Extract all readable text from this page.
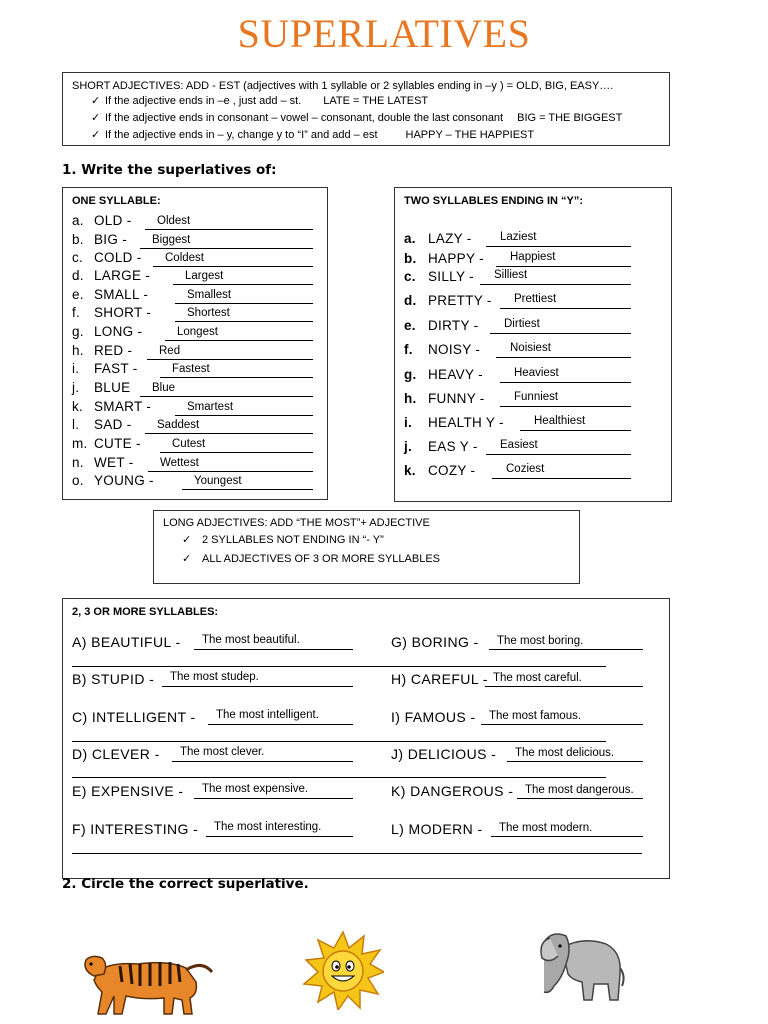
SUPERLATIVES
SHORT ADJECTIVES: ADD - EST (adjectives with 1 syllable or 2 syllables ending in –y ) = OLD, BIG, EASY….
✓ If the adjective ends in –e , just add – st. LATE = THE LATEST
✓ If the adjective ends in consonant – vowel – consonant, double the last consonant BIG = THE BIGGEST
✓ If the adjective ends in – y, change y to “I” and add – est	HAPPY – THE HAPPIEST
1. Write the superlatives of:
ONE SYLLABLE:
a. OLD - Oldest
b. BIG - Biggest
c. COLD - Coldest
d. LARGE -	Largest
e. SMALL -	Smallest
f. SHORT -	Shortest
g. LONG -	Longest
h. RED - Red
i. FAST -	Fastest
j. BLUE Blue
k. SMART -	Smartest
l. SAD - Saddest
m. CUTE -	Cutest
n. WET - Wettest
o. YOUNG -	Youngest
TWO SYLLABLES ENDING IN “Y”:
a. LAZY - Laziest
b. HAPPY - Happiest
c. SILLY - Silliest
d. PRETTY - Prettiest
e. DIRTY - Dirtiest
f. NOISY -	Noisiest
g. HEAVY -	Heaviest
h. FUNNY -	Funniest
i. HEALTH Y -	Healthiest
j. EAS Y - Easiest
k. COZY -	Coziest
LONG ADJECTIVES: ADD “THE MOST”+ ADJECTIVE
✓ 2 SYLLABLES NOT ENDING IN “- Y”
✓ ALL ADJECTIVES OF 3 OR MORE SYLLABLES
2, 3 OR MORE SYLLABLES:
A) BEAUTIFUL - The most beautiful.
B) STUPID - The most studep.
C) INTELLIGENT - The most intelligent.
D) CLEVER - The most clever.
E) EXPENSIVE - The most expensive.
F) INTERESTING - The most interesting.
G) BORING - The most boring.
H) CAREFUL - The most careful.
I) FAMOUS - The most famous.
J) DELICIOUS - The most delicious.
K) DANGEROUS - The most dangerous.
L) MODERN - The most modern.
2. Circle the correct superlative.
